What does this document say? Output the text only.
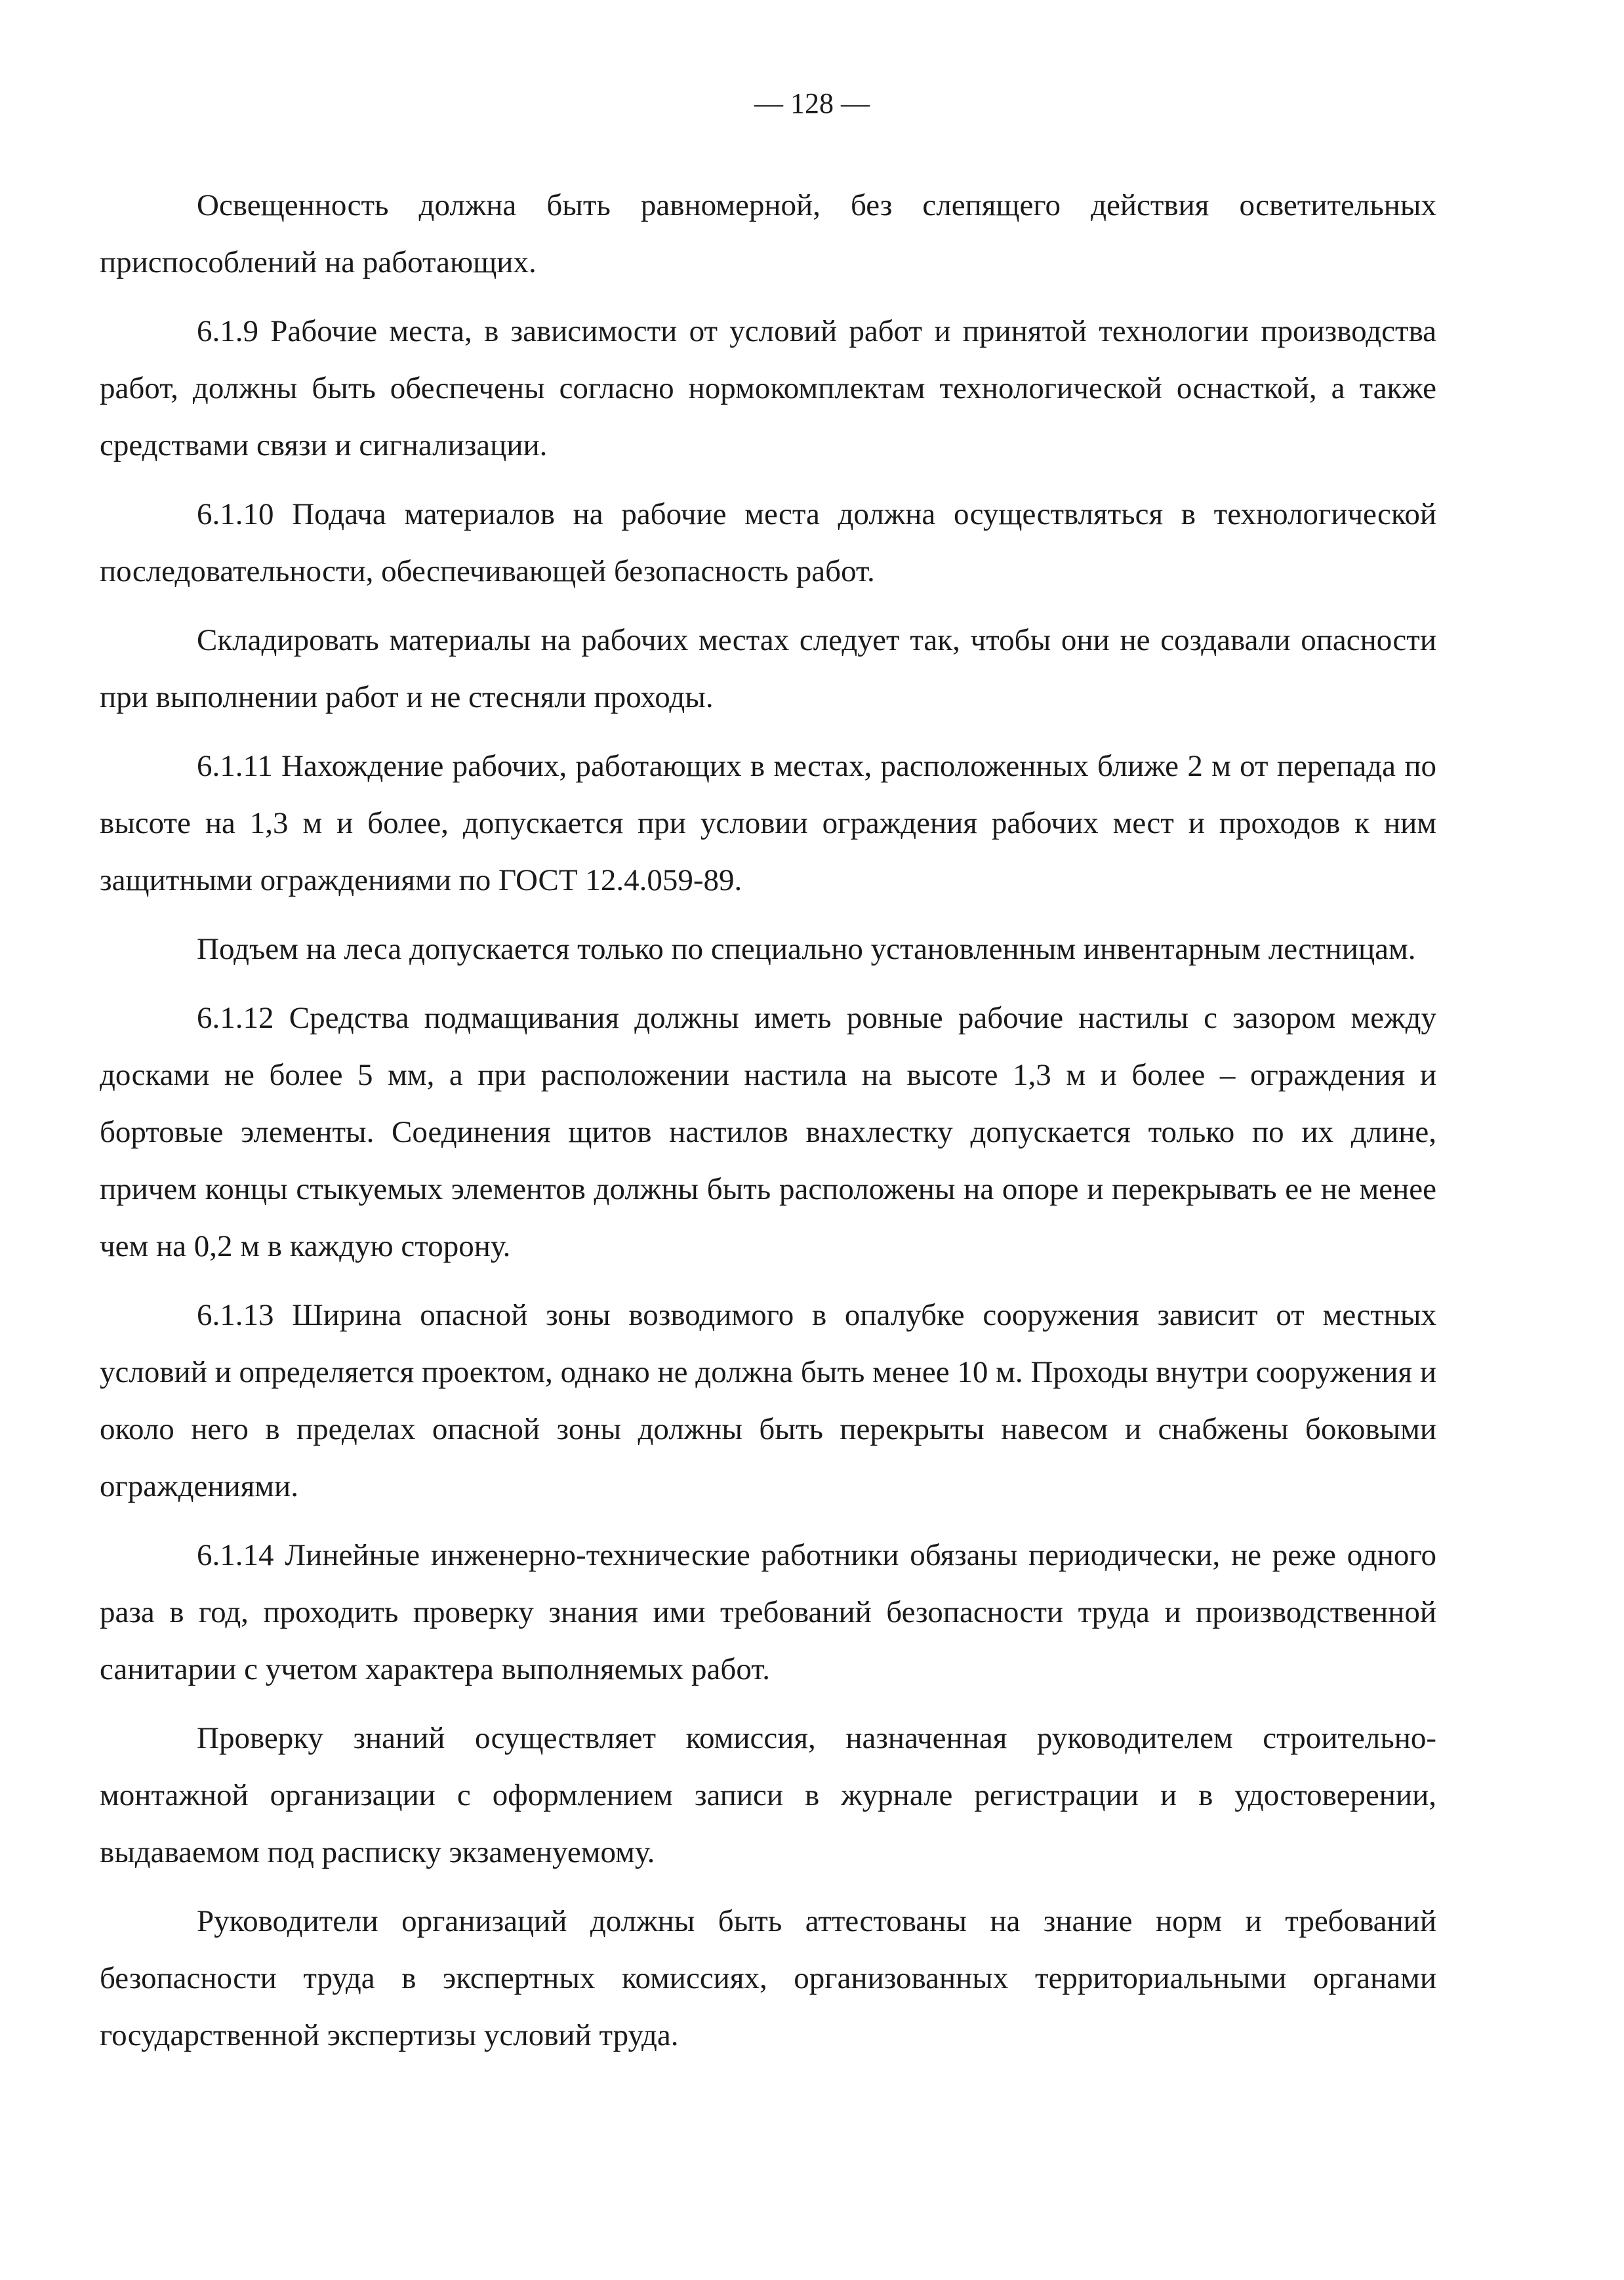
— 128 —

Освещенность должна быть равномерной, без слепящего действия осветительных приспособлений на работающих.

6.1.9 Рабочие места, в зависимости от условий работ и принятой технологии производства работ, должны быть обеспечены согласно нормокомплектам технологической оснасткой, а также средствами связи и сигнализации.

6.1.10 Подача материалов на рабочие места должна осуществляться в технологической последовательности, обеспечивающей безопасность работ.

Складировать материалы на рабочих местах следует так, чтобы они не создавали опасности при выполнении работ и не стесняли проходы.

6.1.11 Нахождение рабочих, работающих в местах, расположенных ближе 2 м от перепада по высоте на 1,3 м и более, допускается при условии ограждения рабочих мест и проходов к ним защитными ограждениями по ГОСТ 12.4.059-89.

Подъем на леса допускается только по специально установленным инвентарным лестницам.

6.1.12 Средства подмащивания должны иметь ровные рабочие настилы с зазором между досками не более 5 мм, а при расположении настила на высоте 1,3 м и более – ограждения и бортовые элементы. Соединения щитов настилов внахлестку допускается только по их длине, причем концы стыкуемых элементов должны быть расположены на опоре и перекрывать ее не менее чем на 0,2 м в каждую сторону.

6.1.13 Ширина опасной зоны возводимого в опалубке сооружения зависит от местных условий и определяется проектом, однако не должна быть менее 10 м. Проходы внутри сооружения и около него в пределах опасной зоны должны быть перекрыты навесом и снабжены боковыми ограждениями.

6.1.14 Линейные инженерно-технические работники обязаны периодически, не реже одного раза в год, проходить проверку знания ими требований безопасности труда и производственной санитарии с учетом характера выполняемых работ.

Проверку знаний осуществляет комиссия, назначенная руководителем строительно-монтажной организации с оформлением записи в журнале регистрации и в удостоверении, выдаваемом под расписку экзаменуемому.

Руководители организаций должны быть аттестованы на знание норм и требований безопасности труда в экспертных комиссиях, организованных территориальными органами государственной экспертизы условий труда.
